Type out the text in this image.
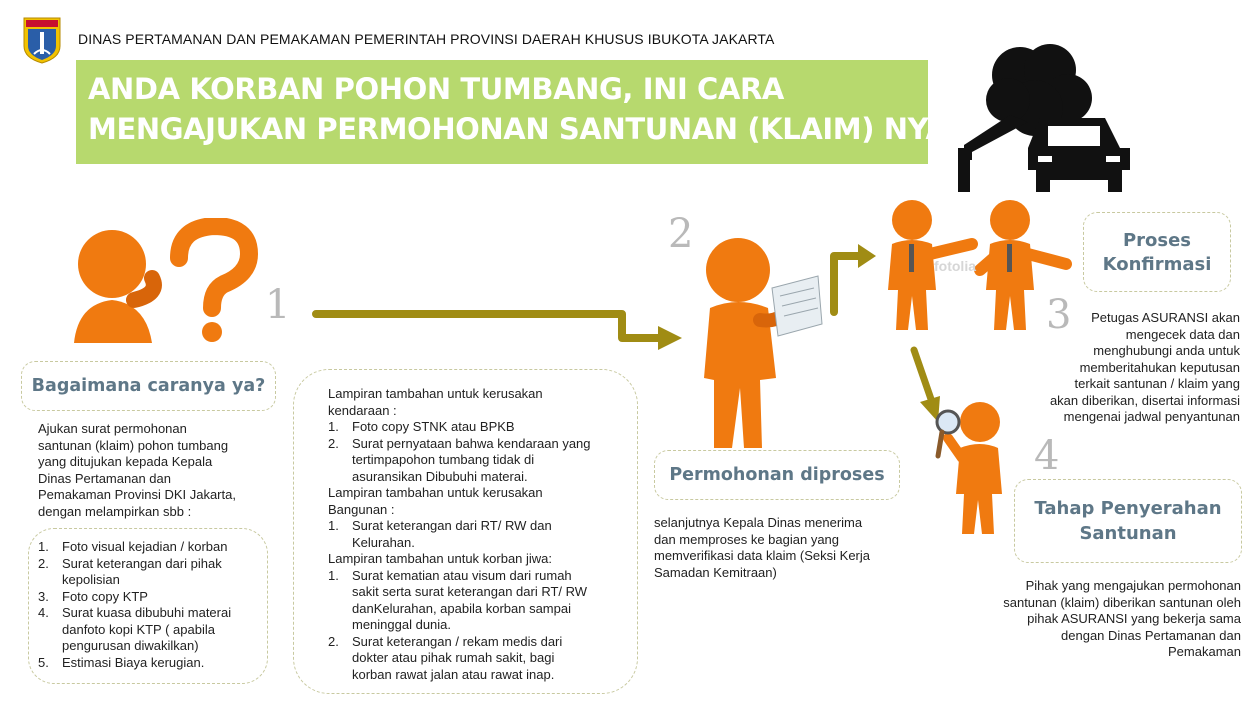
DINAS PERTAMANAN DAN PEMAKAMAN PEMERINTAH PROVINSI DAERAH KHUSUS IBUKOTA JAKARTA
ANDA KORBAN POHON TUMBANG, INI CARA
MENGAJUKAN PERMOHONAN SANTUNAN (KLAIM) NYA
1
Bagaimana caranya ya?
Ajukan surat permohonan
santunan (klaim) pohon tumbang
yang ditujukan kepada Kepala
Dinas Pertamanan dan
Pemakaman Provinsi DKI Jakarta,
dengan melampirkan sbb :
1. Foto visual kejadian / korban
2. Surat keterangan dari pihak
kepolisian
3. Foto copy KTP
4. Surat kuasa dibubuhi materai
danfoto kopi KTP ( apabila
pengurusan diwakilkan)
5. Estimasi Biaya kerugian.
Lampiran tambahan untuk kerusakan
kendaraan :
1. Foto copy STNK atau BPKB
2. Surat pernyataan bahwa kendaraan yang
tertimpapohon tumbang tidak di
asuransikan Dibubuhi materai.
Lampiran tambahan untuk kerusakan
Bangunan :
1. Surat keterangan dari RT/ RW dan
Kelurahan.
Lampiran tambahan untuk korban jiwa:
1. Surat kematian atau visum dari rumah
sakit serta surat keterangan dari RT/ RW
danKelurahan, apabila korban sampai
meninggal dunia.
2. Surat keterangan / rekam medis dari
dokter atau pihak rumah sakit, bagi
korban rawat jalan atau rawat inap.
2
Permohonan diproses
selanjutnya Kepala Dinas menerima
dan memproses ke bagian yang
memverifikasi data klaim (Seksi Kerja
Samadan Kemitraan)
fotolia
Proses
Konfirmasi
3	Petugas ASURANSI akan
mengecek data dan
menghubungi anda untuk
memberitahukan keputusan
terkait santunan / klaim yang
akan diberikan, disertai informasi
mengenai jadwal penyantunan
4
Tahap Penyerahan
Santunan
Pihak yang mengajukan permohonan
santunan (klaim) diberikan santunan oleh
pihak ASURANSI yang bekerja sama
dengan Dinas Pertamanan dan
Pemakaman
